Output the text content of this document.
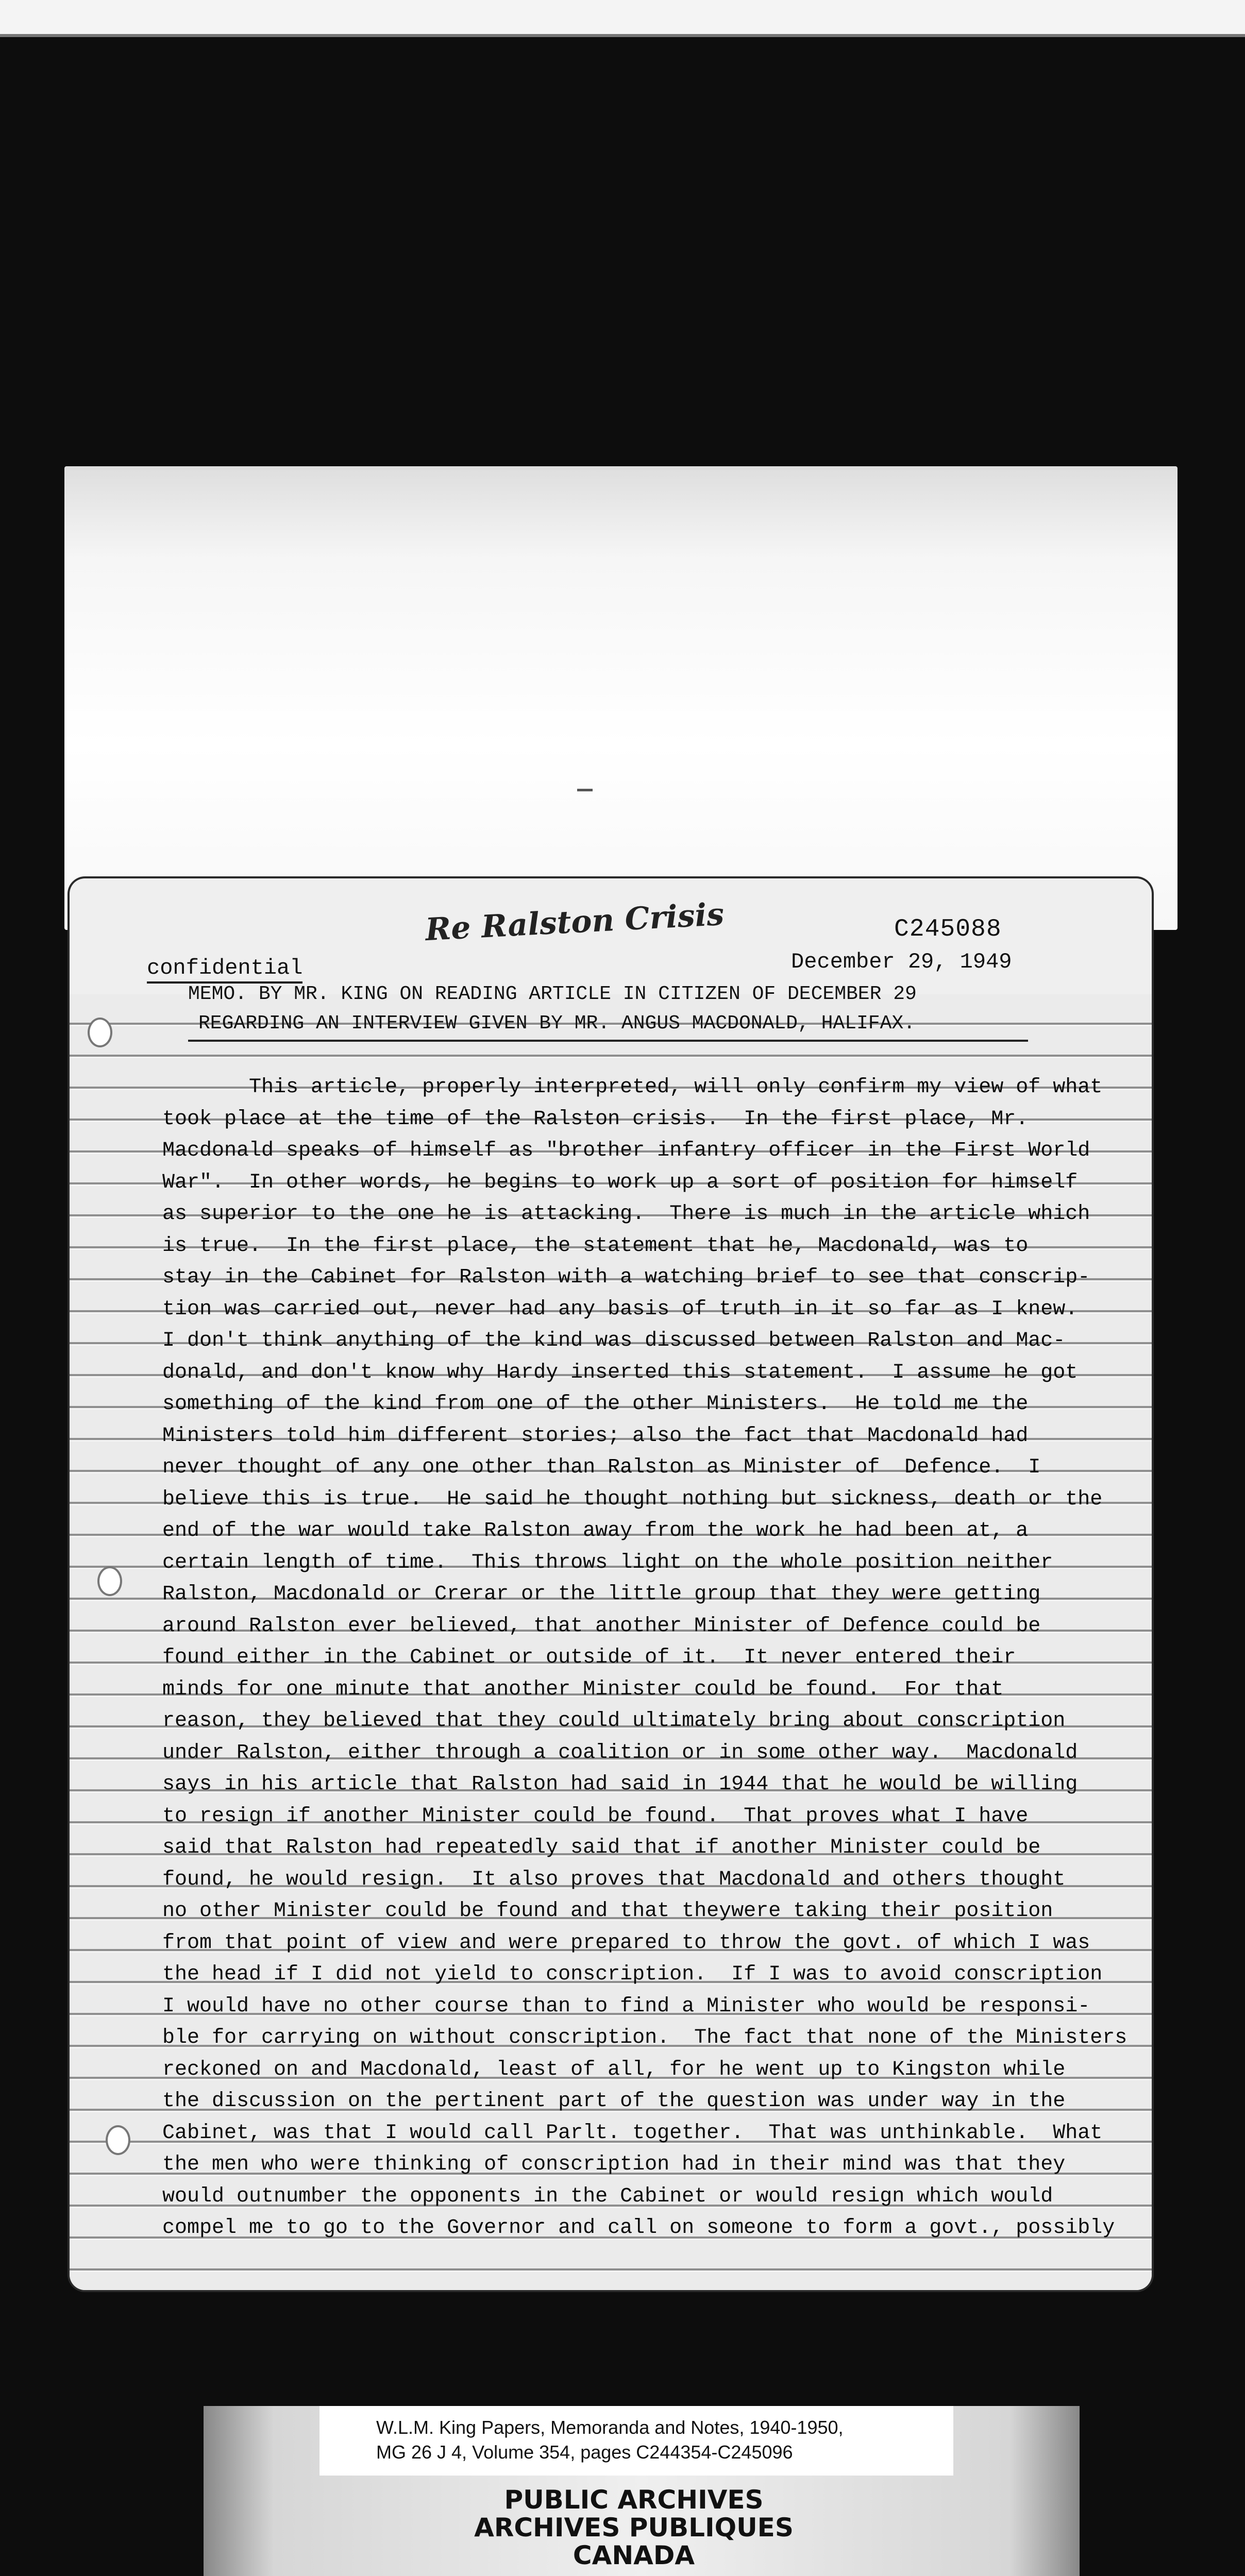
Re Ralston Crisis	C245088
confidential	December 29, 1949
MEMO. BY MR. KING ON READING ARTICLE IN CITIZEN OF DECEMBER 29
REGARDING AN INTERVIEW GIVEN BY MR. ANGUS MACDONALD, HALIFAX.
This article, properly interpreted, will only confirm my view of what
took place at the time of the Ralston crisis.  In the first place, Mr.
Macdonald speaks of himself as "brother infantry officer in the First World
War".  In other words, he begins to work up a sort of position for himself
as superior to the one he is attacking.  There is much in the article which
is true.  In the first place, the statement that he, Macdonald, was to
stay in the Cabinet for Ralston with a watching brief to see that conscrip-
tion was carried out, never had any basis of truth in it so far as I knew.
I don't think anything of the kind was discussed between Ralston and Mac-
donald, and don't know why Hardy inserted this statement.  I assume he got
something of the kind from one of the other Ministers.  He told me the
Ministers told him different stories; also the fact that Macdonald had
never thought of any one other than Ralston as Minister of  Defence.  I
believe this is true.  He said he thought nothing but sickness, death or the
end of the war would take Ralston away from the work he had been at, a
certain length of time.  This throws light on the whole position neither
Ralston, Macdonald or Crerar or the little group that they were getting
around Ralston ever believed, that another Minister of Defence could be
found either in the Cabinet or outside of it.  It never entered their
minds for one minute that another Minister could be found.  For that
reason, they believed that they could ultimately bring about conscription
under Ralston, either through a coalition or in some other way.  Macdonald
says in his article that Ralston had said in 1944 that he would be willing
to resign if another Minister could be found.  That proves what I have
said that Ralston had repeatedly said that if another Minister could be
found, he would resign.  It also proves that Macdonald and others thought
no other Minister could be found and that theywere taking their position
from that point of view and were prepared to throw the govt. of which I was
the head if I did not yield to conscription.  If I was to avoid conscription
I would have no other course than to find a Minister who would be responsi-
ble for carrying on without conscription.  The fact that none of the Ministers
reckoned on and Macdonald, least of all, for he went up to Kingston while
the discussion on the pertinent part of the question was under way in the
Cabinet, was that I would call Parlt. together.  That was unthinkable.  What
the men who were thinking of conscription had in their mind was that they
would outnumber the opponents in the Cabinet or would resign which would
compel me to go to the Governor and call on someone to form a govt., possibly
W.L.M. King Papers, Memoranda and Notes, 1940-1950,
MG 26 J 4, Volume 354, pages C244354-C245096
PUBLIC ARCHIVES
ARCHIVES PUBLIQUES
CANADA
